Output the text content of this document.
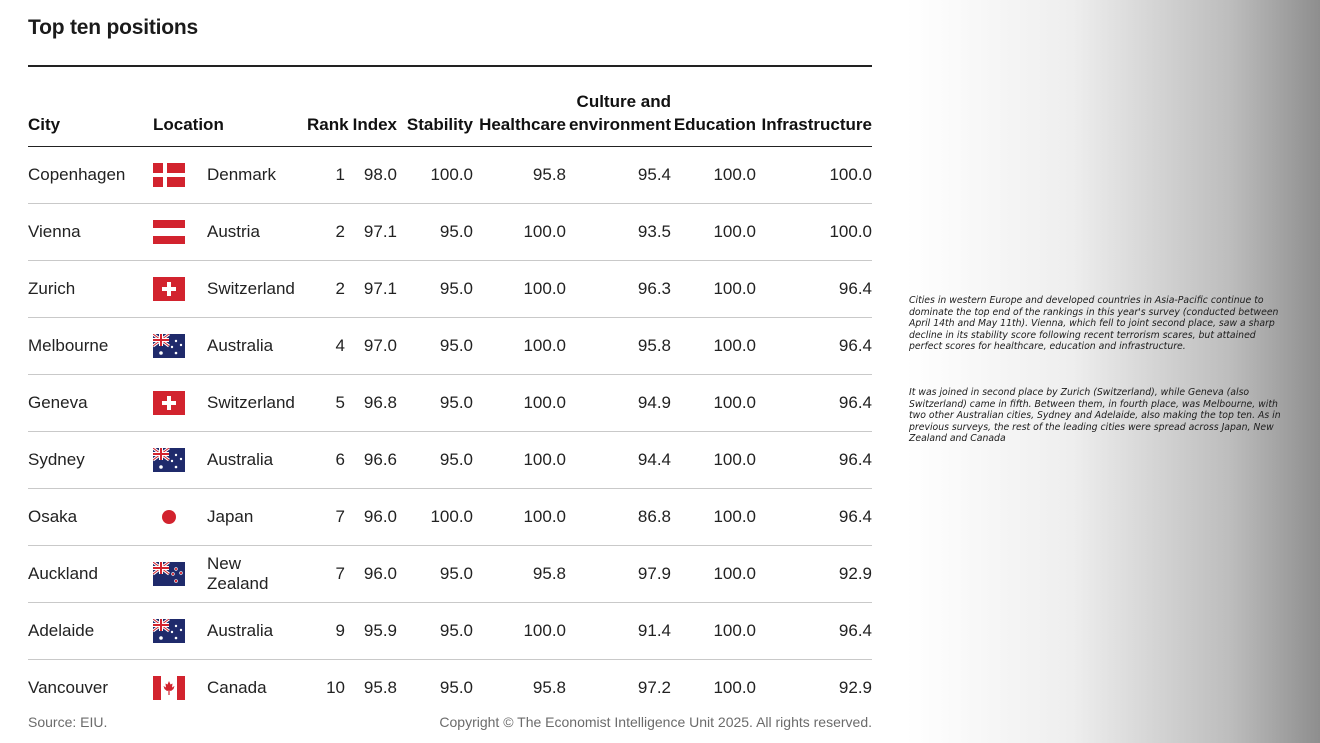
Top ten positions
City	Location		Rank	Index	Stability	Healthcare	Culture and
environment	Education	Infrastructure
Copenhagen		Denmark	1	98.0	100.0	95.8	95.4	100.0	100.0
Vienna		Austria	2	97.1	95.0	100.0	93.5	100.0	100.0
Zurich		Switzerland	2	97.1	95.0	100.0	96.3	100.0	96.4
Melbourne		Australia	4	97.0	95.0	100.0	95.8	100.0	96.4
Geneva		Switzerland	5	96.8	95.0	100.0	94.9	100.0	96.4
Sydney		Australia	6	96.6	95.0	100.0	94.4	100.0	96.4
Osaka		Japan	7	96.0	100.0	100.0	86.8	100.0	96.4
Auckland		New Zealand	7	96.0	95.0	95.8	97.9	100.0	92.9
Adelaide		Australia	9	95.9	95.0	100.0	91.4	100.0	96.4
Vancouver		Canada	10	95.8	95.0	95.8	97.2	100.0	92.9
Source: EIU.	Copyright © The Economist Intelligence Unit 2025. All rights reserved.
Cities in western Europe and developed countries in Asia-Pacific continue to dominate the top end of the rankings in this year's survey (conducted between April 14th and May 11th). Vienna, which fell to joint second place, saw a sharp decline in its stability score following recent terrorism scares, but attained perfect scores for healthcare, education and infrastructure.
It was joined in second place by Zurich (Switzerland), while Geneva (also Switzerland) came in fifth. Between them, in fourth place, was Melbourne, with two other Australian cities, Sydney and Adelaide, also making the top ten. As in previous surveys, the rest of the leading cities were spread across Japan, New Zealand and Canada
